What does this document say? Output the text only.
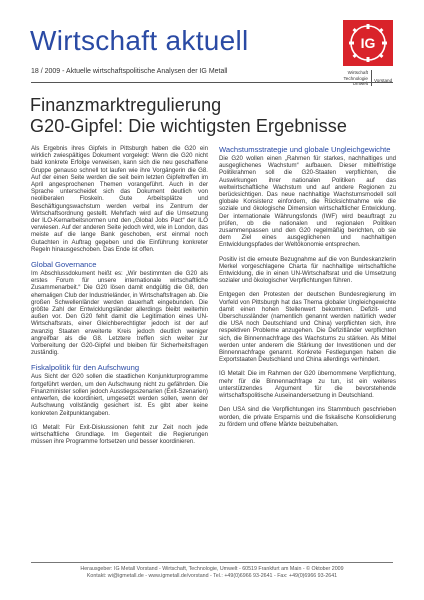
Wirtschaft aktuell
18 / 2009 - Aktuelle wirtschaftspolitische Analysen der IG Metall
IG
Wirtschaft
Technologie
Umwelt
Vorstand
Finanzmarktregulierung
G20-Gipfel: Die wichtigsten Ergebnisse

Als Ergebnis ihres Gipfels in Pittsburgh haben die G20 ein wirklich zwiespältiges Dokument vorgelegt: Wenn die G20 nicht bald konkrete Erfolge verweisen, kann sich die neu geschaffene Gruppe genauso schnell tot laufen wie ihre Vorgängerin die G8. Auf der einen Seite werden die seit beim letzten Gipfeltreffen im April angesprochenen Themen vorangeführt. Auch in der Sprache unterscheidet sich das Dokument deutlich von neoliberalen Floskeln. Gute Arbeitsplätze und Beschäftigungswachstum werden verbal ins Zentrum der Wirtschaftsordnung gestellt. Mehrfach wird auf die Umsetzung der ILO-Kernarbeitsnormen und den „Global Jobs Pact“ der ILO verwiesen. Auf der anderen Seite jedoch wird, wie in London, das meiste auf die lange Bank geschoben, erst einmal noch Gutachten in Auftrag gegeben und die Einführung konkreter Regeln hinausgeschoben. Das Ende ist offen.

Global Governance

Im Abschlussdokument heißt es: „Wir bestimmten die G20 als erstes Forum für unsere internationale wirtschaftliche Zusammenarbeit.“ Die G20 lösen damit endgültig die G8, den ehemaligen Club der Industrieländer, in Wirtschaftsfragen ab. Die großen Schwellenländer werden dauerhaft eingebunden. Die größte Zahl der Entwicklungsländer allerdings bleibt weiterhin außen vor. Den G20 fehlt damit die Legitimation eines UN-Wirtschaftsrats, einer Gleichberechtigter jedoch ist der auf zwanzig Staaten erweiterte Kreis jedoch deutlich weniger angreifbar als die G8. Letztere treffen sich weiter zur Vorbereitung der G20-Gipfel und bleiben für Sicherheitsfragen zuständig.

Fiskalpolitik für den Aufschwung

Aus Sicht der G20 sollen die staatlichen Konjunkturprogramme fortgeführt werden, um den Aufschwung nicht zu gefährden. Die Finanzminister sollen jedoch Ausstiegsszenarien (Exit-Szenarien) entwerfen, die koordiniert, umgesetzt werden sollen, wenn der Aufschwung vollständig gesichert ist. Es gibt aber keine konkreten Zeitpunktangaben.

IG Metall: Für Exit-Diskussionen fehlt zur Zeit noch jede wirtschaftliche Grundlage. Im Gegenteil: die Regierungen müssen ihre Programme fortsetzen und besser koordinieren.

Wachstumsstrategie und globale Ungleichgewichte

Die G20 wollen einen „Rahmen für starkes, nachhaltiges und ausgeglichenes Wachstum“ aufbauen. Dieser mittelfristige Politikrahmen soll die G20-Staaten verpflichten, die Auswirkungen ihrer nationalen Politiken auf das weltwirtschaftliche Wachstum und auf andere Regionen zu berücksichtigen. Das neue nachhaltige Wachstumsmodell soll globale Konsistenz einfordern, die Rücksichtnahme wie die soziale und ökologische Dimension wirtschaftlicher Entwicklung. Der internationale Währungsfonds (IWF) wird beauftragt zu prüfen, ob die nationalen und regionalen Politiken zusammenpassen und den G20 regelmäßig berichten, ob sie dem Ziel eines ausgeglichenen und nachhaltigen Entwicklungspfades der Weltökonomie entsprechen.

Positiv ist die erneute Bezugnahme auf die von Bundeskanzlerin Merkel vorgeschlagene Charta für nachhaltige wirtschaftliche Entwicklung, die in einen UN-Wirtschaftsrat und die Umsetzung sozialer und ökologischer Verpflichtungen führen.

Entgegen den Protesten der deutschen Bundesregierung im Vorfeld von Pittsburgh hat das Thema globaler Ungleichgewichte damit einen hohen Stellenwert bekommen. Defizit- und Überschussländer (namentlich genannt werden natürlich weder die USA noch Deutschland und China) verpflichten sich, ihre respektiven Probleme anzugehen. Die Defizitländer verpflichten sich, die Binnennachfrage des Wachstums zu stärken. Als Mittel werden unter anderem die Stärkung der Investitionen und der Binnennachfrage genannt. Konkrete Festlegungen haben die Exportstaaten Deutschland und China allerdings verhindert.

IG Metall: Die im Rahmen der G20 übernommene Verpflichtung, mehr für die Binnennachfrage zu tun, ist ein weiteres unterstützendes Argument für die bevorstehende wirtschaftspolitische Auseinandersetzung in Deutschland.

Den USA sind die Verpflichtungen ins Stammbuch geschrieben worden, die private Ersparnis und die fiskalische Konsolidierung zu fördern und offene Märkte beizubehalten.

Herausgeber: IG Metall Vorstand - Wirtschaft, Technologie, Umwelt - 60519 Frankfurt am Main - © Oktober 2009
Kontakt: wi@igmetall.de - www.igmetall.de/vorstand - Tel.: +49(0)6966 93-2641 - Fax: +49(0)6966 93-2641
